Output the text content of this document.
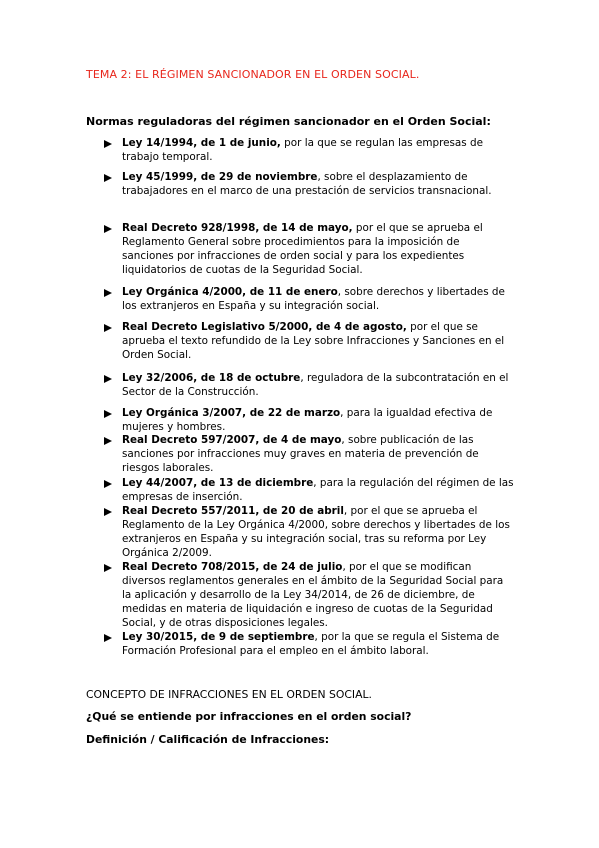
TEMA 2: EL RÉGIMEN SANCIONADOR EN EL ORDEN SOCIAL.
Normas reguladoras del régimen sancionador en el Orden Social:
Ley 14/1994, de 1 de junio, por la que se regulan las empresas de trabajo temporal.
Ley 45/1999, de 29 de noviembre, sobre el desplazamiento de trabajadores en el marco de una prestación de servicios transnacional.
Real Decreto 928/1998, de 14 de mayo, por el que se aprueba el Reglamento General sobre procedimientos para la imposición de sanciones por infracciones de orden social y para los expedientes liquidatorios de cuotas de la Seguridad Social.
Ley Orgánica 4/2000, de 11 de enero, sobre derechos y libertades de los extranjeros en España y su integración social.
Real Decreto Legislativo 5/2000, de 4 de agosto, por el que se aprueba el texto refundido de la Ley sobre Infracciones y Sanciones en el Orden Social.
Ley 32/2006, de 18 de octubre, reguladora de la subcontratación en el Sector de la Construcción.
Ley Orgánica 3/2007, de 22 de marzo, para la igualdad efectiva de mujeres y hombres.
Real Decreto 597/2007, de 4 de mayo, sobre publicación de las sanciones por infracciones muy graves en materia de prevención de riesgos laborales.
Ley 44/2007, de 13 de diciembre, para la regulación del régimen de las empresas de inserción.
Real Decreto 557/2011, de 20 de abril, por el que se aprueba el Reglamento de la Ley Orgánica 4/2000, sobre derechos y libertades de los extranjeros en España y su integración social, tras su reforma por Ley Orgánica 2/2009.
Real Decreto 708/2015, de 24 de julio, por el que se modifican diversos reglamentos generales en el ámbito de la Seguridad Social para la aplicación y desarrollo de la Ley 34/2014, de 26 de diciembre, de medidas en materia de liquidación e ingreso de cuotas de la Seguridad Social, y de otras disposiciones legales.
Ley 30/2015, de 9 de septiembre, por la que se regula el Sistema de Formación Profesional para el empleo en el ámbito laboral.
CONCEPTO DE INFRACCIONES EN EL ORDEN SOCIAL.
¿Qué se entiende por infracciones en el orden social?
Definición / Calificación de Infracciones:
